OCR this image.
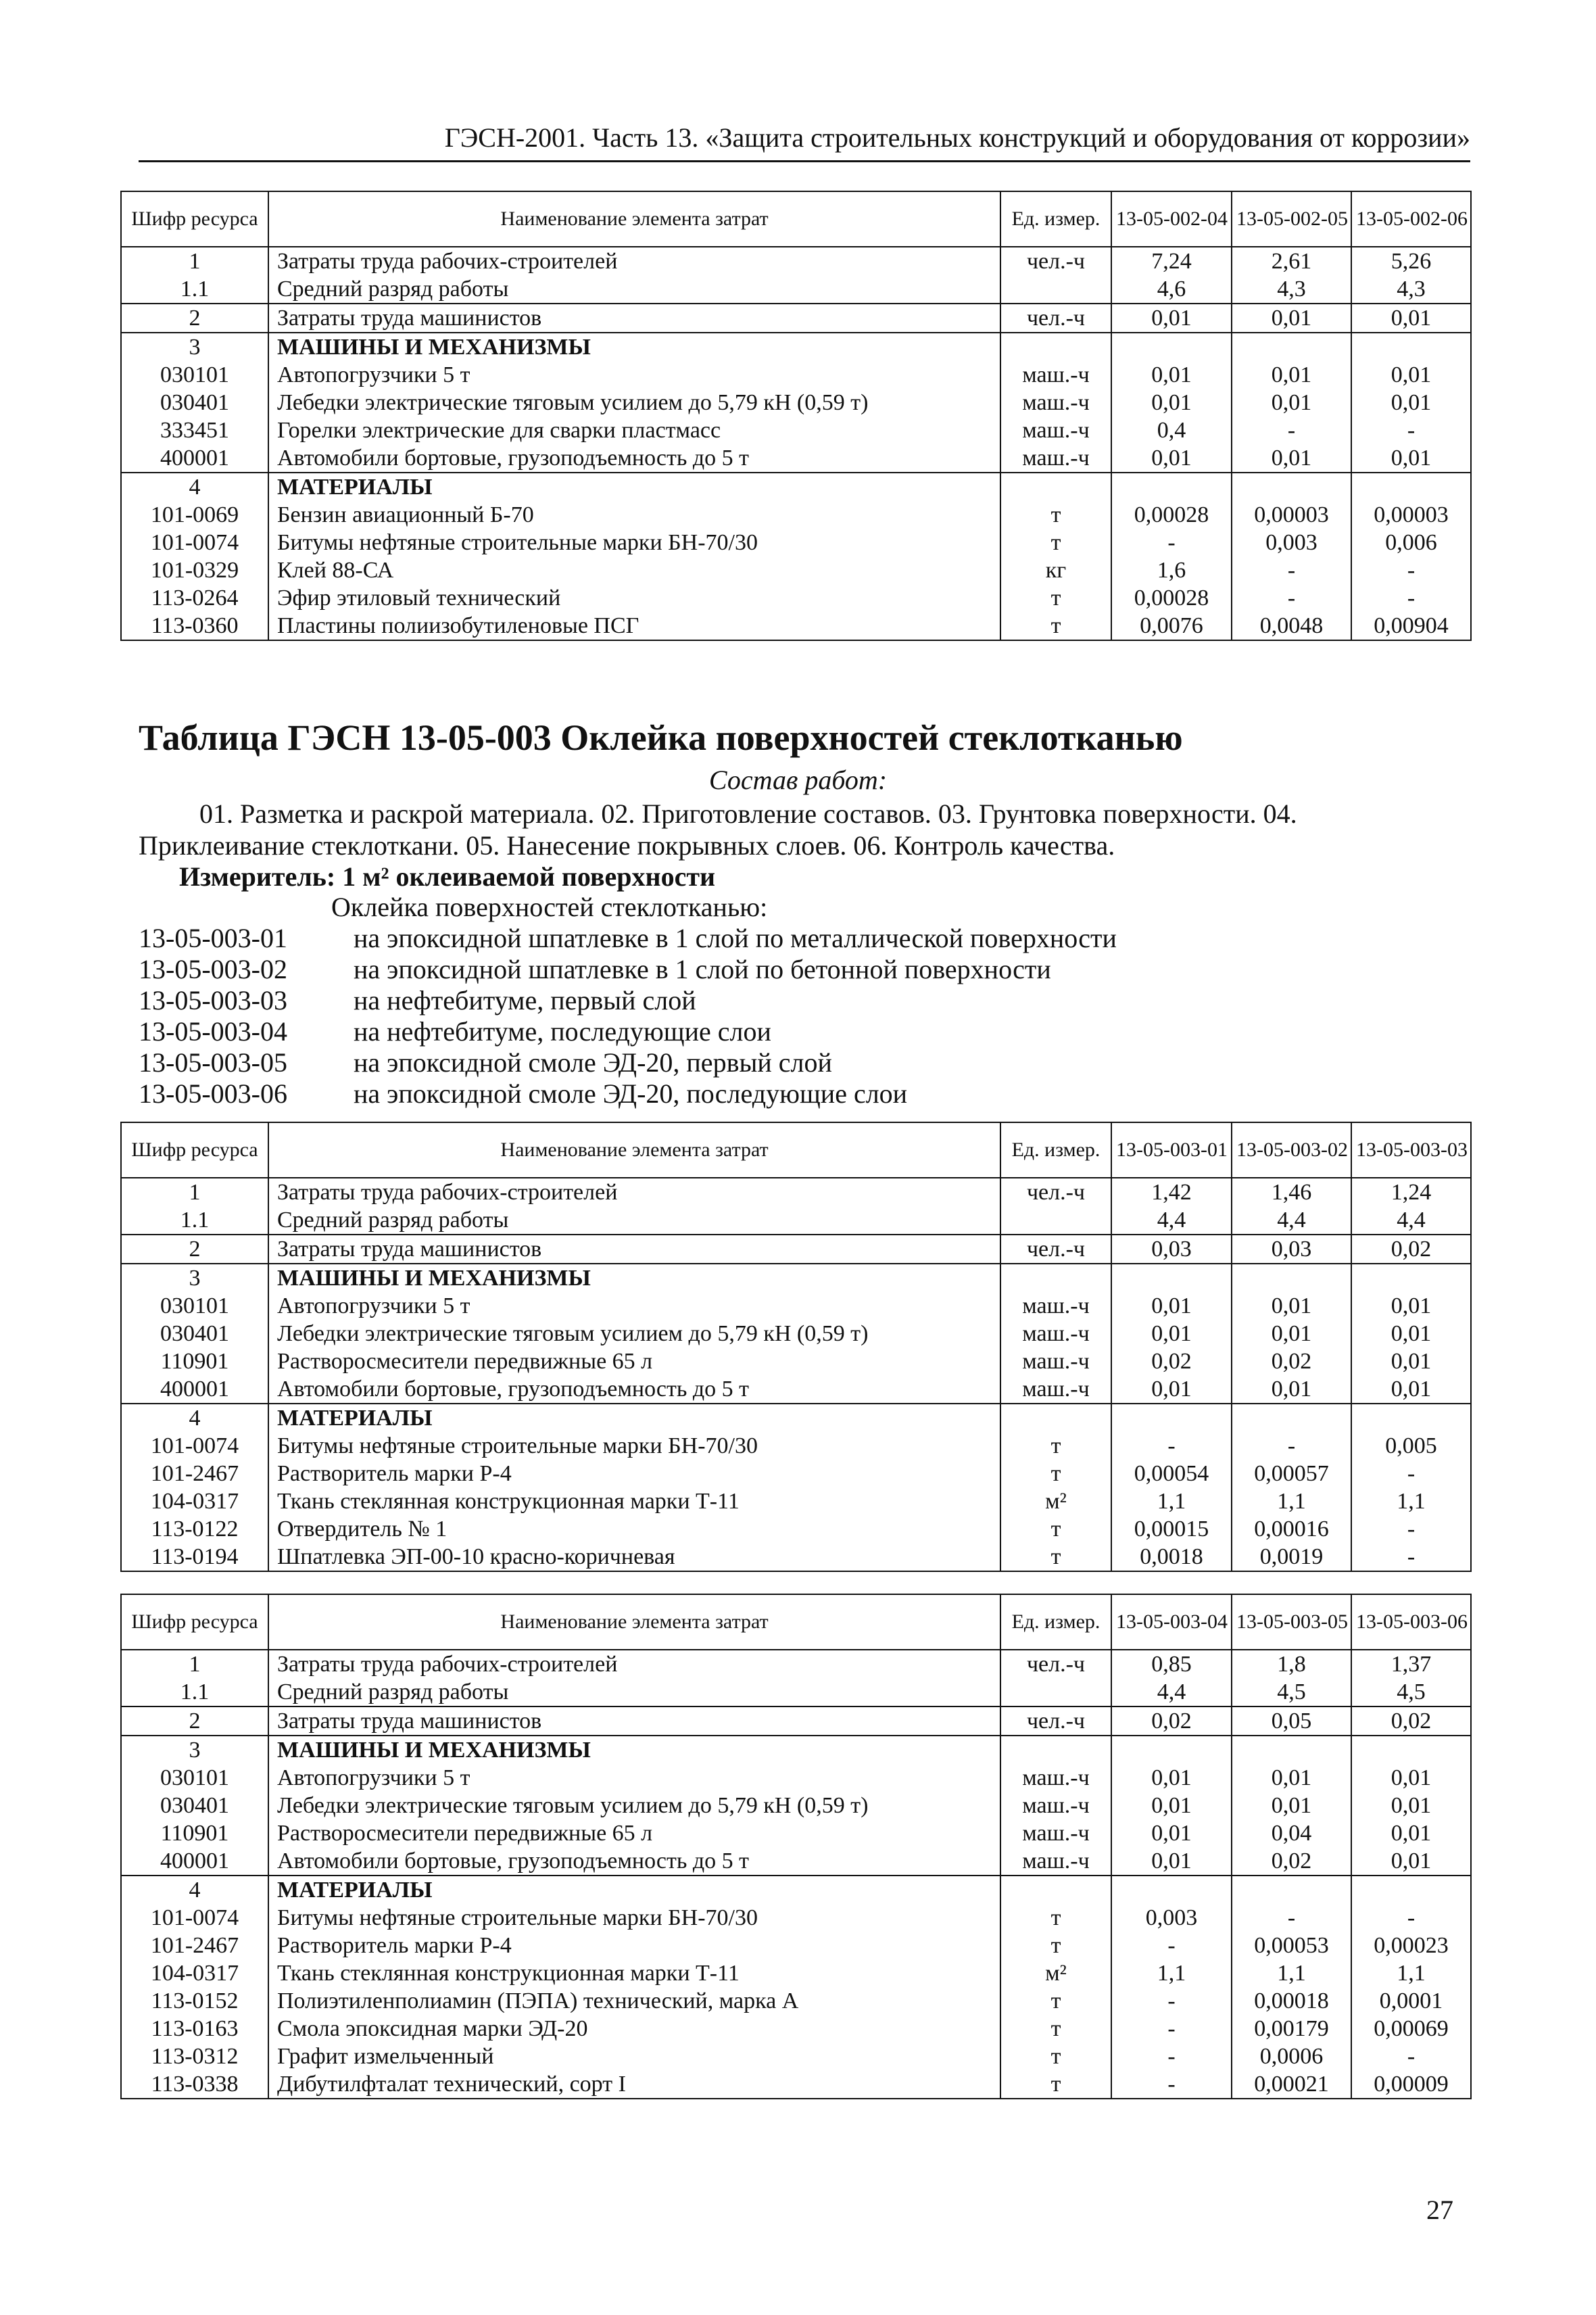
ГЭСН-2001. Часть 13. «Защита строительных конструкций и оборудования от коррозии»
Шифр ресурса	Наименование элемента затрат	Ед. измер.	13-05-002-04	13-05-002-05	13-05-002-06
1	Затраты труда рабочих-строителей	чел.-ч	7,24	2,61	5,26
1.1	Средний разряд работы		4,6	4,3	4,3
2	Затраты труда машинистов	чел.-ч	0,01	0,01	0,01
3	МАШИНЫ И МЕХАНИЗМЫ				
030101	Автопогрузчики 5 т	маш.-ч	0,01	0,01	0,01
030401	Лебедки электрические тяговым усилием до 5,79 кН (0,59 т)	маш.-ч	0,01	0,01	0,01
333451	Горелки электрические для сварки пластмасс	маш.-ч	0,4	-	-
400001	Автомобили бортовые, грузоподъемность до 5 т	маш.-ч	0,01	0,01	0,01
4	МАТЕРИАЛЫ				
101-0069	Бензин авиационный Б-70	т	0,00028	0,00003	0,00003
101-0074	Битумы нефтяные строительные марки БН-70/30	т	-	0,003	0,006
101-0329	Клей 88-СА	кг	1,6	-	-
113-0264	Эфир этиловый технический	т	0,00028	-	-
113-0360	Пластины полиизобутиленовые ПСГ	т	0,0076	0,0048	0,00904
Таблица ГЭСН 13-05-003 Оклейка поверхностей стеклотканью
Состав работ:
01. Разметка и раскрой материала. 02. Приготовление составов. 03. Грунтовка поверхности. 04.
Приклеивание стеклоткани. 05. Нанесение покрывных слоев. 06. Контроль качества.
Измеритель: 1 м² оклеиваемой поверхности
Оклейка поверхностей стеклотканью:
13-05-003-01	на эпоксидной шпатлевке в 1 слой по металлической поверхности
13-05-003-02	на эпоксидной шпатлевке в 1 слой по бетонной поверхности
13-05-003-03	на нефтебитуме, первый слой
13-05-003-04	на нефтебитуме, последующие слои
13-05-003-05	на эпоксидной смоле ЭД-20, первый слой
13-05-003-06	на эпоксидной смоле ЭД-20, последующие слои
Шифр ресурса	Наименование элемента затрат	Ед. измер.	13-05-003-01	13-05-003-02	13-05-003-03
1	Затраты труда рабочих-строителей	чел.-ч	1,42	1,46	1,24
1.1	Средний разряд работы		4,4	4,4	4,4
2	Затраты труда машинистов	чел.-ч	0,03	0,03	0,02
3	МАШИНЫ И МЕХАНИЗМЫ				
030101	Автопогрузчики 5 т	маш.-ч	0,01	0,01	0,01
030401	Лебедки электрические тяговым усилием до 5,79 кН (0,59 т)	маш.-ч	0,01	0,01	0,01
110901	Растворосмесители передвижные 65 л	маш.-ч	0,02	0,02	0,01
400001	Автомобили бортовые, грузоподъемность до 5 т	маш.-ч	0,01	0,01	0,01
4	МАТЕРИАЛЫ				
101-0074	Битумы нефтяные строительные марки БН-70/30	т	-	-	0,005
101-2467	Растворитель марки Р-4	т	0,00054	0,00057	-
104-0317	Ткань стеклянная конструкционная марки Т-11	м²	1,1	1,1	1,1
113-0122	Отвердитель № 1	т	0,00015	0,00016	-
113-0194	Шпатлевка ЭП-00-10 красно-коричневая	т	0,0018	0,0019	-
Шифр ресурса	Наименование элемента затрат	Ед. измер.	13-05-003-04	13-05-003-05	13-05-003-06
1	Затраты труда рабочих-строителей	чел.-ч	0,85	1,8	1,37
1.1	Средний разряд работы		4,4	4,5	4,5
2	Затраты труда машинистов	чел.-ч	0,02	0,05	0,02
3	МАШИНЫ И МЕХАНИЗМЫ				
030101	Автопогрузчики 5 т	маш.-ч	0,01	0,01	0,01
030401	Лебедки электрические тяговым усилием до 5,79 кН (0,59 т)	маш.-ч	0,01	0,01	0,01
110901	Растворосмесители передвижные 65 л	маш.-ч	0,01	0,04	0,01
400001	Автомобили бортовые, грузоподъемность до 5 т	маш.-ч	0,01	0,02	0,01
4	МАТЕРИАЛЫ				
101-0074	Битумы нефтяные строительные марки БН-70/30	т	0,003	-	-
101-2467	Растворитель марки Р-4	т	-	0,00053	0,00023
104-0317	Ткань стеклянная конструкционная марки Т-11	м²	1,1	1,1	1,1
113-0152	Полиэтиленполиамин (ПЭПА) технический, марка А	т	-	0,00018	0,0001
113-0163	Смола эпоксидная марки ЭД-20	т	-	0,00179	0,00069
113-0312	Графит измельченный	т	-	0,0006	-
113-0338	Дибутилфталат технический, сорт I	т	-	0,00021	0,00009
27
